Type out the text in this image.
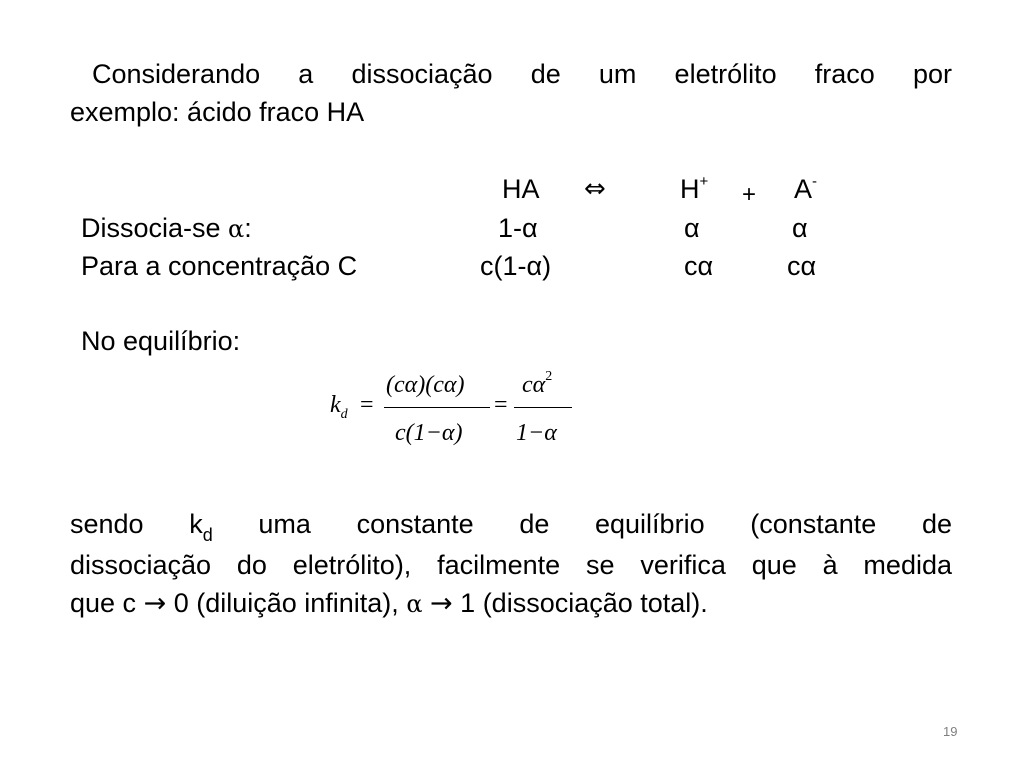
Considerando a dissociação de um eletrólito fraco por
exemplo: ácido fraco HA
HA ⇔	H+ + A-
Dissocia-se α:	1-α	α	α
Para a concentração C	c(1-α)	cα	cα
No equilíbrio:
$k_d$ =
(cα)(cα)
c(1−α)
=
$c\alpha^2$
1−α
sendo $k_d$ uma constante de equilíbrio (constante de
dissociação do eletrólito), facilmente se verifica que à medida
que c → 0 (diluição infinita), α → 1 (dissociação total).
19
